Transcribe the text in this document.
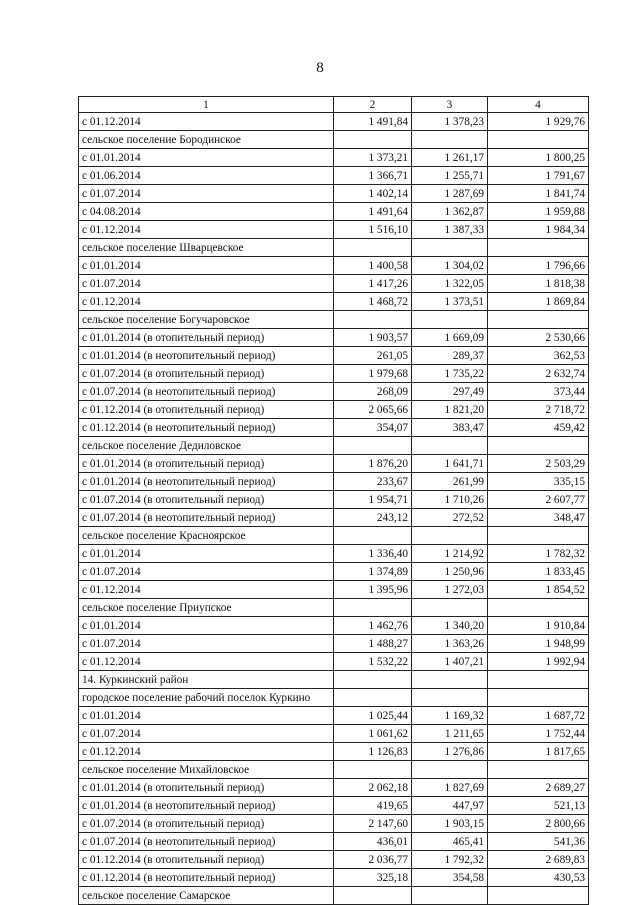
8
1	2	3	4
с 01.12.2014	1 491,84	1 378,23	1 929,76
сельское поселение Бородинское			
с 01.01.2014	1 373,21	1 261,17	1 800,25
с 01.06.2014	1 366,71	1 255,71	1 791,67
с 01.07.2014	1 402,14	1 287,69	1 841,74
с 04.08.2014	1 491,64	1 362,87	1 959,88
с 01.12.2014	1 516,10	1 387,33	1 984,34
сельское поселение Шварцевское			
с 01.01.2014	1 400,58	1 304,02	1 796,66
с 01.07.2014	1 417,26	1 322,05	1 818,38
с 01.12.2014	1 468,72	1 373,51	1 869,84
сельское поселение Богучаровское			
с 01.01.2014 (в отопительный период)	1 903,57	1 669,09	2 530,66
с 01.01.2014 (в неотопительный период)	261,05	289,37	362,53
с 01.07.2014 (в отопительный период)	1 979,68	1 735,22	2 632,74
с 01.07.2014 (в неотопительный период)	268,09	297,49	373,44
с 01.12.2014 (в отопительный период)	2 065,66	1 821,20	2 718,72
с 01.12.2014 (в неотопительный период)	354,07	383,47	459,42
сельское поселение Дедиловское			
с 01.01.2014 (в отопительный период)	1 876,20	1 641,71	2 503,29
с 01.01.2014 (в неотопительный период)	233,67	261,99	335,15
с 01.07.2014 (в отопительный период)	1 954,71	1 710,26	2 607,77
с 01.07.2014 (в неотопительный период)	243,12	272,52	348,47
сельское поселение Красноярское			
с 01.01.2014	1 336,40	1 214,92	1 782,32
с 01.07.2014	1 374,89	1 250,96	1 833,45
с 01.12.2014	1 395,96	1 272,03	1 854,52
сельское поселение Приупское			
с 01.01.2014	1 462,76	1 340,20	1 910,84
с 01.07.2014	1 488,27	1 363,26	1 948,99
с 01.12.2014	1 532,22	1 407,21	1 992,94
14. Куркинский район			
городское поселение рабочий поселок Куркино			
с 01.01.2014	1 025,44	1 169,32	1 687,72
с 01.07.2014	1 061,62	1 211,65	1 752,44
с 01.12.2014	1 126,83	1 276,86	1 817,65
сельское поселение Михайловское			
с 01.01.2014 (в отопительный период)	2 062,18	1 827,69	2 689,27
с 01.01.2014 (в неотопительный период)	419,65	447,97	521,13
с 01.07.2014 (в отопительный период)	2 147,60	1 903,15	2 800,66
с 01.07.2014 (в неотопительный период)	436,01	465,41	541,36
с 01.12.2014 (в отопительный период)	2 036,77	1 792,32	2 689,83
с 01.12.2014 (в неотопительный период)	325,18	354,58	430,53
сельское поселение Самарское			
